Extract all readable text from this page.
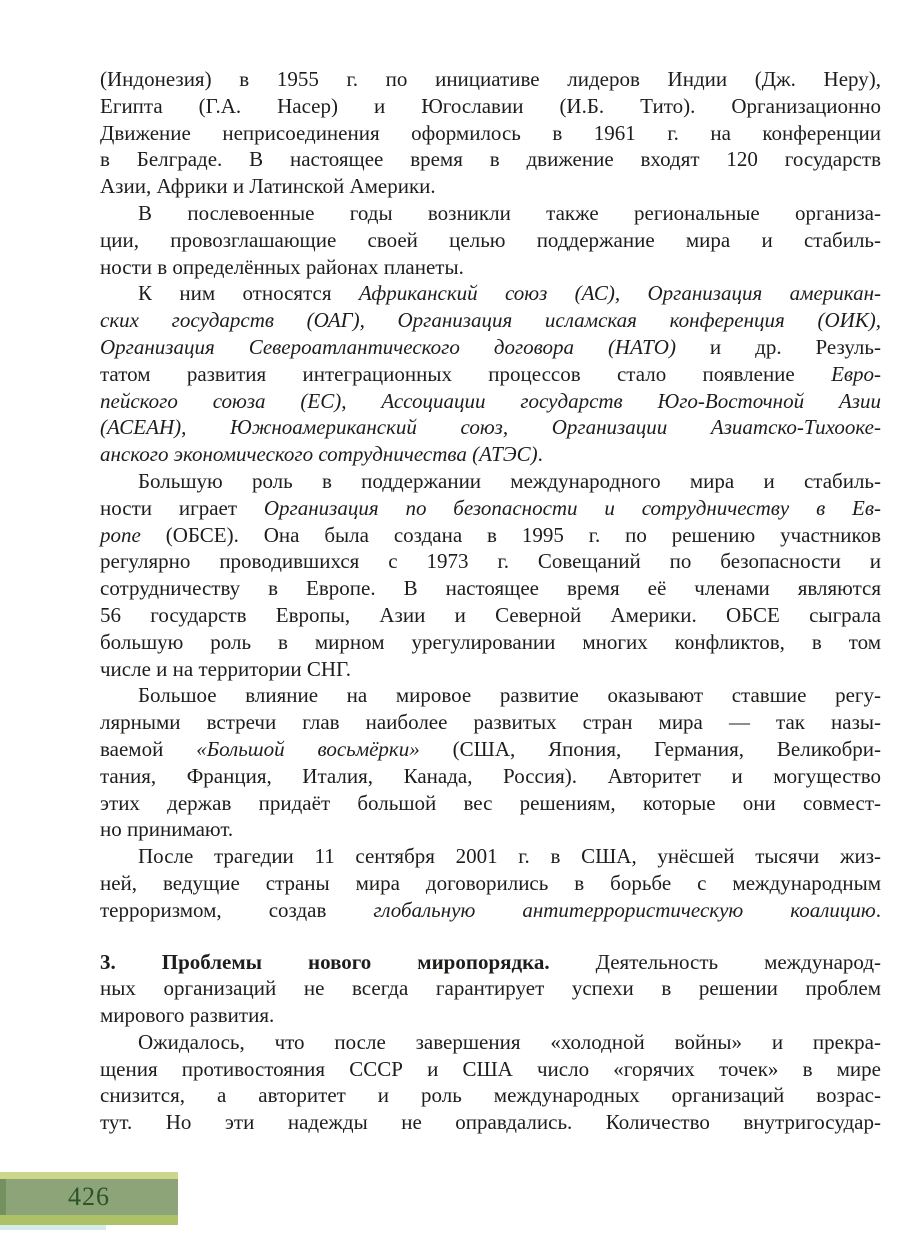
(Индонезия) в 1955 г. по инициативе лидеров Индии (Дж. Неру),
Египта (Г.А. Насер) и Югославии (И.Б. Тито). Организационно
Движение неприсоединения оформилось в 1961 г. на конференции
в Белграде. В настоящее время в движение входят 120 государств
Азии, Африки и Латинской Америки.
В послевоенные годы возникли также региональные организа-
ции, провозглашающие своей целью поддержание мира и стабиль-
ности в определённых районах планеты.
К ним относятся Африканский союз (АС), Организация американ-
ских государств (ОАГ), Организация исламская конференция (ОИК),
Организация Североатлантического договора (НАТО) и др. Резуль-
татом развития интеграционных процессов стало появление Евро-
пейского союза (ЕС), Ассоциации государств Юго-Восточной Азии
(АСЕАН), Южноамериканский союз, Организации Азиатско-Тихооке-
анского экономического сотрудничества (АТЭС).
Большую роль в поддержании международного мира и стабиль-
ности играет Организация по безопасности и сотрудничеству в Ев-
ропе (ОБСЕ). Она была создана в 1995 г. по решению участников
регулярно проводившихся с 1973 г. Совещаний по безопасности и
сотрудничеству в Европе. В настоящее время её членами являются
56 государств Европы, Азии и Северной Америки. ОБСЕ сыграла
большую роль в мирном урегулировании многих конфликтов, в том
числе и на территории СНГ.
Большое влияние на мировое развитие оказывают ставшие регу-
лярными встречи глав наиболее развитых стран мира — так назы-
ваемой «Большой восьмёрки» (США, Япония, Германия, Великобри-
тания, Франция, Италия, Канада, Россия). Авторитет и могущество
этих держав придаёт большой вес решениям, которые они совмест-
но принимают.
После трагедии 11 сентября 2001 г. в США, унёсшей тысячи жиз-
ней, ведущие страны мира договорились в борьбе с международным
терроризмом, создав глобальную антитеррористическую коалицию.
3. Проблемы нового миропорядка. Деятельность международ-
ных организаций не всегда гарантирует успехи в решении проблем
мирового развития.
Ожидалось, что после завершения «холодной войны» и прекра-
щения противостояния СССР и США число «горячих точек» в мире
снизится, а авторитет и роль международных организаций возрас-
тут. Но эти надежды не оправдались. Количество внутригосудар-
426
